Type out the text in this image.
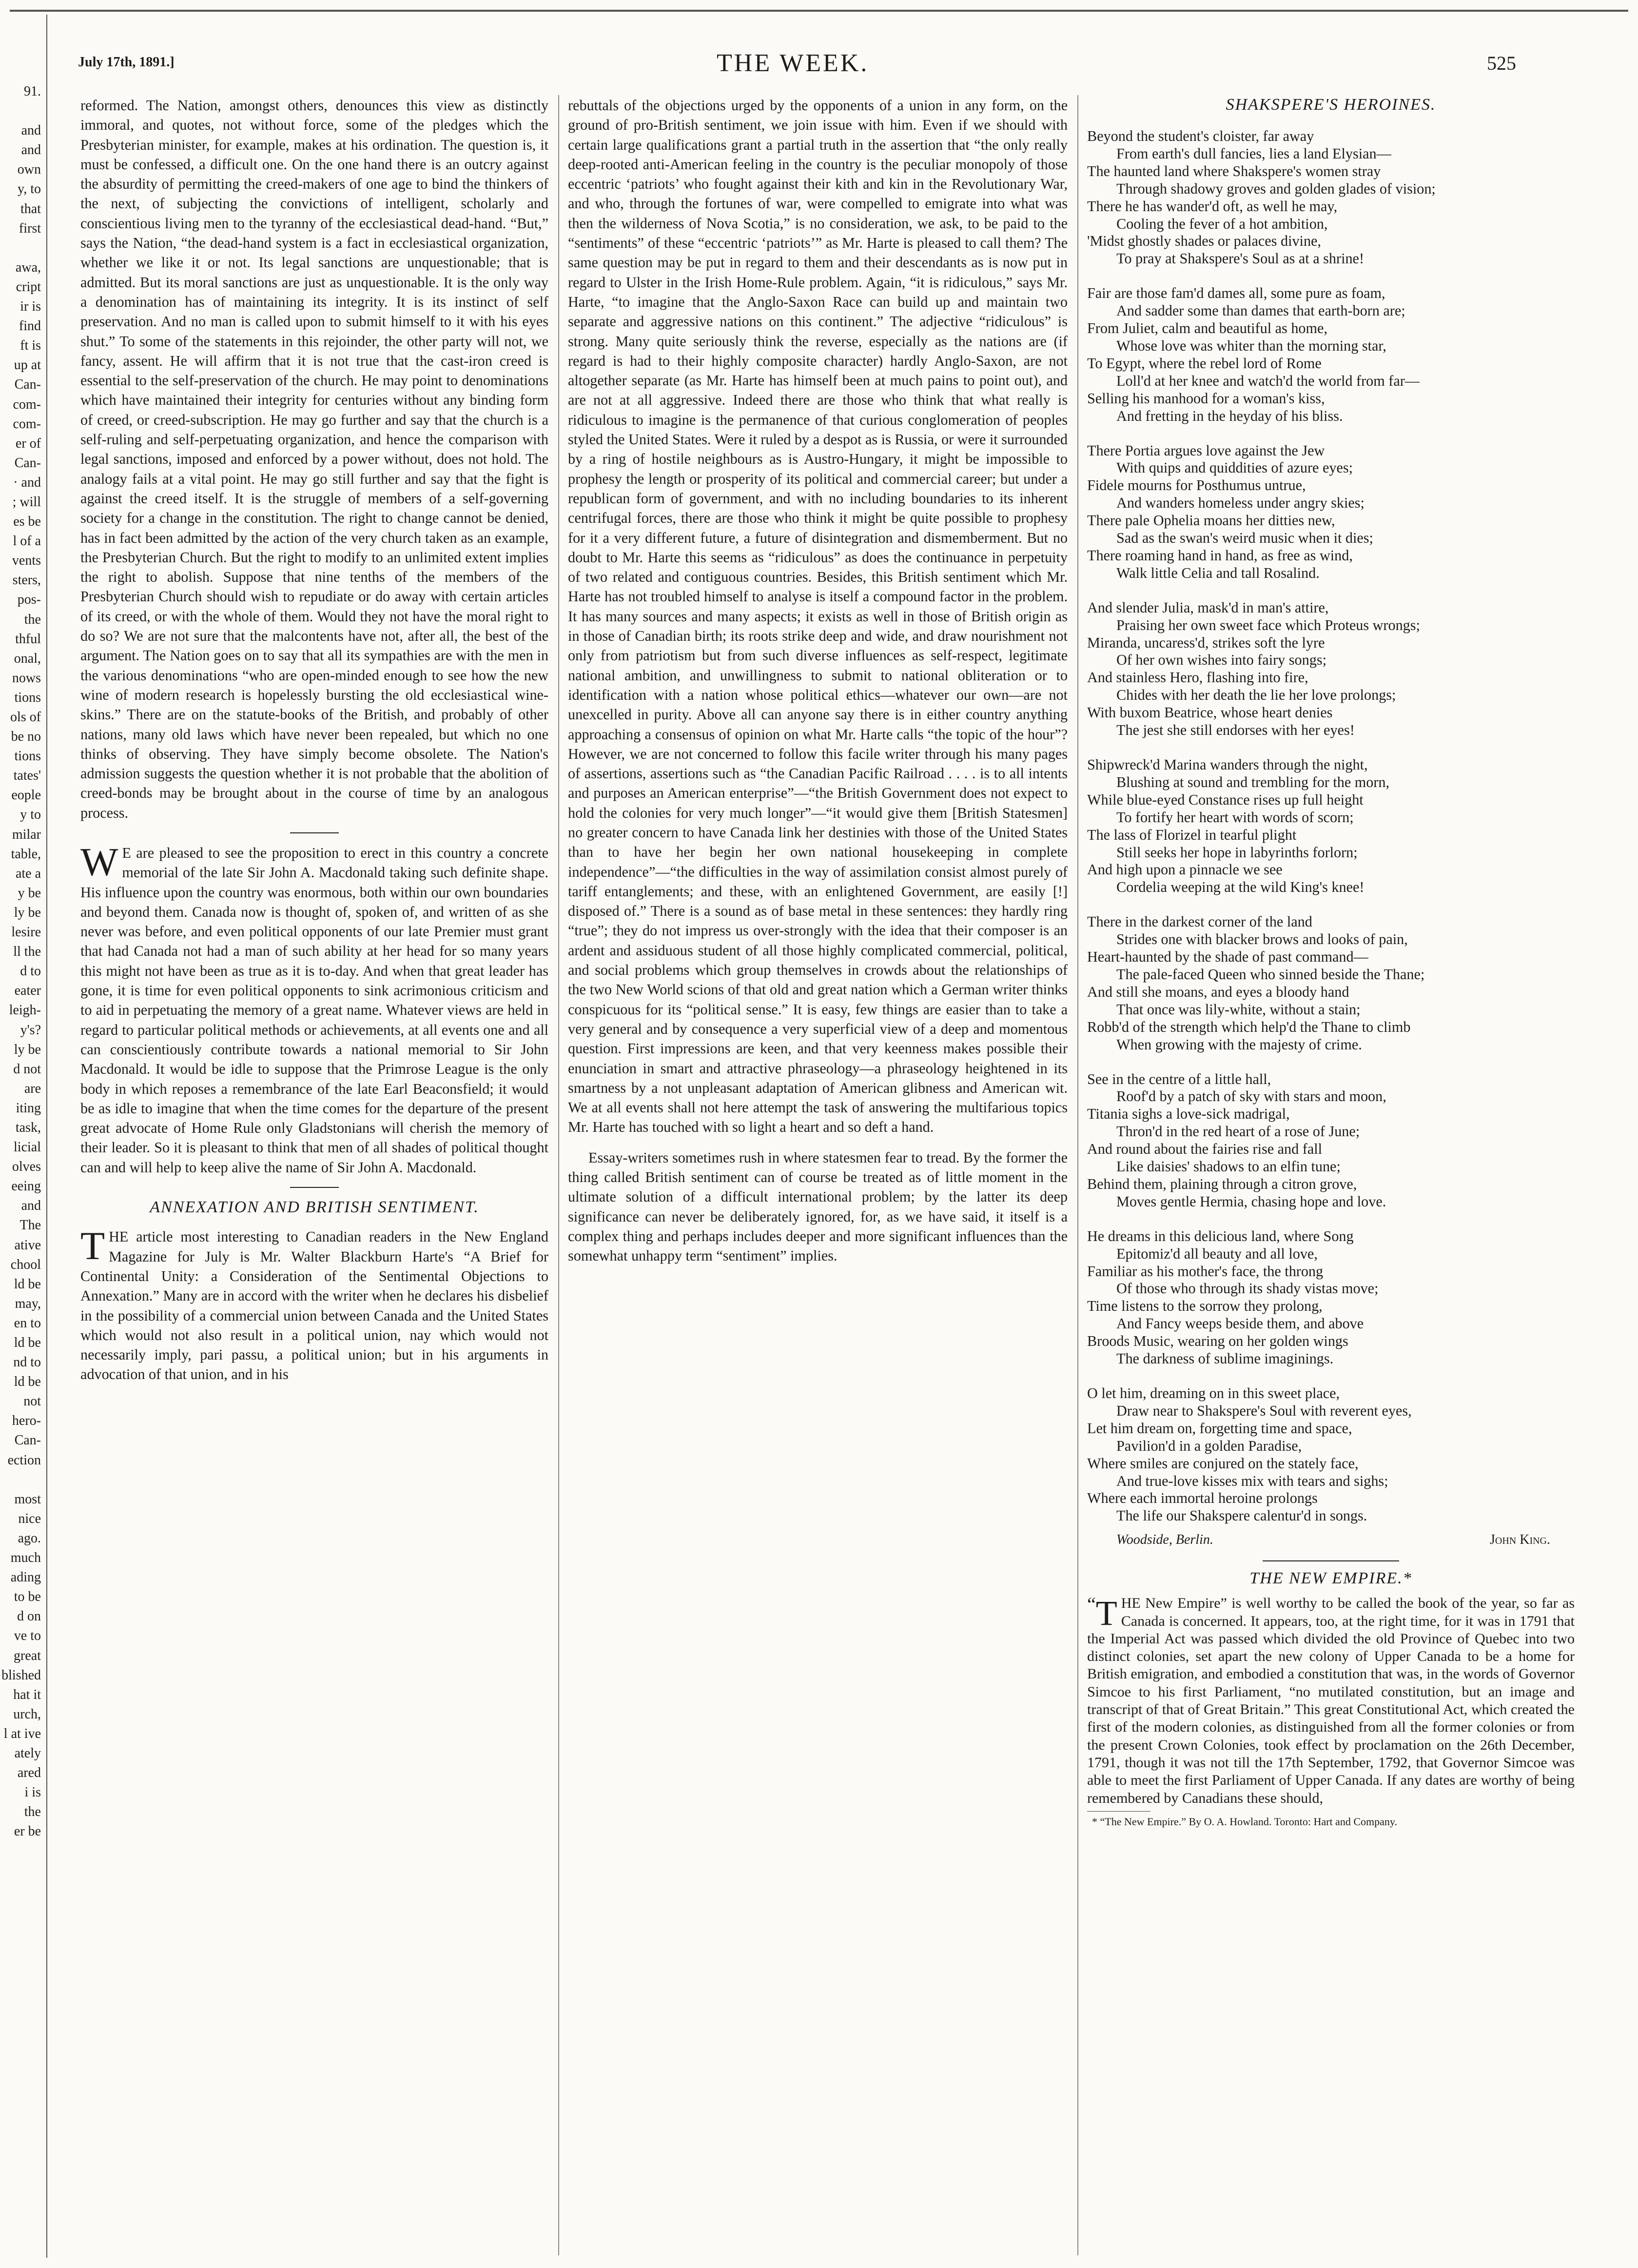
91.
and
and
own
y, to
that
first
awa,
cript
ir is
find
ft is
up at
Can-
com-
com-
er of
Can-
· and
; will
es be
l of a
vents
sters,
pos-
the
thful
onal,
nows
tions
ols of
be no
tions
tates'
eople
y to
milar
table,
ate a
y be
ly be
lesire
ll the
d to
eater
leigh-
y's?
ly be
d not
are
iting
task,
licial
olves
eeing
and
The
ative
chool
ld be
may,
en to
ld be
nd to
ld be
not
hero-
Can-
ection
most
nice
ago.
much
ading
to be
d on
ve to
great
blished
hat it
urch,
l at ive
ately
ared
i is
the
er be
July 17th, 1891.]	THE WEEK.	525

reformed. The Nation, amongst others, denounces this view as distinctly immoral, and quotes, not without force, some of the pledges which the Presbyterian minister, for example, makes at his ordination. The question is, it must be confessed, a difficult one. On the one hand there is an outcry against the absurdity of permitting the creed-makers of one age to bind the thinkers of the next, of subjecting the convictions of intelligent, scholarly and conscientious living men to the tyranny of the ecclesiastical dead-hand. “But,” says the Nation, “the dead-hand system is a fact in ecclesiastical organization, whether we like it or not. Its legal sanctions are unquestionable; that is admitted. But its moral sanctions are just as unquestionable. It is the only way a denomination has of maintaining its integrity. It is its instinct of self preservation. And no man is called upon to submit himself to it with his eyes shut.” To some of the statements in this rejoinder, the other party will not, we fancy, assent. He will affirm that it is not true that the cast-iron creed is essential to the self-preservation of the church. He may point to denominations which have maintained their integrity for centuries without any binding form of creed, or creed-subscription. He may go further and say that the church is a self-ruling and self-perpetuating organization, and hence the comparison with legal sanctions, imposed and enforced by a power without, does not hold. The analogy fails at a vital point. He may go still further and say that the fight is against the creed itself. It is the struggle of members of a self-governing society for a change in the constitution. The right to change cannot be denied, has in fact been admitted by the action of the very church taken as an example, the Presbyterian Church. But the right to modify to an unlimited extent implies the right to abolish. Suppose that nine tenths of the members of the Presbyterian Church should wish to repudiate or do away with certain articles of its creed, or with the whole of them. Would they not have the moral right to do so? We are not sure that the malcontents have not, after all, the best of the argument. The Nation goes on to say that all its sympathies are with the men in the various denominations “who are open-minded enough to see how the new wine of modern research is hopelessly bursting the old ecclesiastical wine-skins.” There are on the statute-books of the British, and probably of other nations, many old laws which have never been repealed, but which no one thinks of observing. They have simply become obsolete. The Nation's admission suggests the question whether it is not probable that the abolition of creed-bonds may be brought about in the course of time by an analogous process.

W E are pleased to see the proposition to erect in this country a concrete memorial of the late Sir John A. Macdonald taking such definite shape. His influence upon the country was enormous, both within our own boundaries and beyond them. Canada now is thought of, spoken of, and written of as she never was before, and even political opponents of our late Premier must grant that had Canada not had a man of such ability at her head for so many years this might not have been as true as it is to-day. And when that great leader has gone, it is time for even political opponents to sink acrimonious criticism and to aid in perpetuating the memory of a great name. Whatever views are held in regard to particular political methods or achievements, at all events one and all can conscientiously contribute towards a national memorial to Sir John Macdonald. It would be idle to suppose that the Primrose League is the only body in which reposes a remembrance of the late Earl Beaconsfield; it would be as idle to imagine that when the time comes for the departure of the present great advocate of Home Rule only Gladstonians will cherish the memory of their leader. So it is pleasant to think that men of all shades of political thought can and will help to keep alive the name of Sir John A. Macdonald.

ANNEXATION AND BRITISH SENTIMENT.

THE article most interesting to Canadian readers in the New England Magazine for July is Mr. Walter Blackburn Harte's “A Brief for Continental Unity: a Consideration of the Sentimental Objections to Annexation.” Many are in accord with the writer when he declares his disbelief in the possibility of a commercial union between Canada and the United States which would not also result in a political union, nay which would not necessarily imply, pari passu, a political union; but in his arguments in advocation of that union, and in his

rebuttals of the objections urged by the opponents of a union in any form, on the ground of pro-British sentiment, we join issue with him. Even if we should with certain large qualifications grant a partial truth in the assertion that “the only really deep-rooted anti-American feeling in the country is the peculiar monopoly of those eccentric ‘patriots’ who fought against their kith and kin in the Revolutionary War, and who, through the fortunes of war, were compelled to emigrate into what was then the wilderness of Nova Scotia,” is no consideration, we ask, to be paid to the “sentiments” of these “eccentric ‘patriots’” as Mr. Harte is pleased to call them? The same question may be put in regard to them and their descendants as is now put in regard to Ulster in the Irish Home-Rule problem. Again, “it is ridiculous,” says Mr. Harte, “to imagine that the Anglo-Saxon Race can build up and maintain two separate and aggressive nations on this continent.” The adjective “ridiculous” is strong. Many quite seriously think the reverse, especially as the nations are (if regard is had to their highly composite character) hardly Anglo-Saxon, are not altogether separate (as Mr. Harte has himself been at much pains to point out), and are not at all aggressive. Indeed there are those who think that what really is ridiculous to imagine is the permanence of that curious conglomeration of peoples styled the United States. Were it ruled by a despot as is Russia, or were it surrounded by a ring of hostile neighbours as is Austro-Hungary, it might be impossible to prophesy the length or prosperity of its political and commercial career; but under a republican form of government, and with no including boundaries to its inherent centrifugal forces, there are those who think it might be quite possible to prophesy for it a very different future, a future of disintegration and dismemberment. But no doubt to Mr. Harte this seems as “ridiculous” as does the continuance in perpetuity of two related and contiguous countries. Besides, this British sentiment which Mr. Harte has not troubled himself to analyse is itself a compound factor in the problem. It has many sources and many aspects; it exists as well in those of British origin as in those of Canadian birth; its roots strike deep and wide, and draw nourishment not only from patriotism but from such diverse influences as self-respect, legitimate national ambition, and unwillingness to submit to national obliteration or to identification with a nation whose political ethics—whatever our own—are not unexcelled in purity. Above all can anyone say there is in either country anything approaching a consensus of opinion on what Mr. Harte calls “the topic of the hour”? However, we are not concerned to follow this facile writer through his many pages of assertions, assertions such as “the Canadian Pacific Railroad . . . . is to all intents and purposes an American enterprise”—“the British Government does not expect to hold the colonies for very much longer”—“it would give them [British Statesmen] no greater concern to have Canada link her destinies with those of the United States than to have her begin her own national housekeeping in complete independence”—“the difficulties in the way of assimilation consist almost purely of tariff entanglements; and these, with an enlightened Government, are easily [!] disposed of.” There is a sound as of base metal in these sentences: they hardly ring “true”; they do not impress us over-strongly with the idea that their composer is an ardent and assiduous student of all those highly complicated commercial, political, and social problems which group themselves in crowds about the relationships of the two New World scions of that old and great nation which a German writer thinks conspicuous for its “political sense.” It is easy, few things are easier than to take a very general and by consequence a very superficial view of a deep and momentous question. First impressions are keen, and that very keenness makes possible their enunciation in smart and attractive phraseology—a phraseology heightened in its smartness by a not unpleasant adaptation of American glibness and American wit. We at all events shall not here attempt the task of answering the multifarious topics Mr. Harte has touched with so light a heart and so deft a hand.

Essay-writers sometimes rush in where statesmen fear to tread. By the former the thing called British sentiment can of course be treated as of little moment in the ultimate solution of a difficult international problem; by the latter its deep significance can never be deliberately ignored, for, as we have said, it itself is a complex thing and perhaps includes deeper and more significant influences than the somewhat unhappy term “sentiment” implies.

SHAKSPERE'S HEROINES.
Beyond the student's cloister, far away
From earth's dull fancies, lies a land Elysian—
The haunted land where Shakspere's women stray
Through shadowy groves and golden glades of vision;
There he has wander'd oft, as well he may,
Cooling the fever of a hot ambition,
'Midst ghostly shades or palaces divine,
To pray at Shakspere's Soul as at a shrine!
Fair are those fam'd dames all, some pure as foam,
And sadder some than dames that earth-born are;
From Juliet, calm and beautiful as home,
Whose love was whiter than the morning star,
To Egypt, where the rebel lord of Rome
Loll'd at her knee and watch'd the world from far—
Selling his manhood for a woman's kiss,
And fretting in the heyday of his bliss.
There Portia argues love against the Jew
With quips and quiddities of azure eyes;
Fidele mourns for Posthumus untrue,
And wanders homeless under angry skies;
There pale Ophelia moans her ditties new,
Sad as the swan's weird music when it dies;
There roaming hand in hand, as free as wind,
Walk little Celia and tall Rosalind.
And slender Julia, mask'd in man's attire,
Praising her own sweet face which Proteus wrongs;
Miranda, uncaress'd, strikes soft the lyre
Of her own wishes into fairy songs;
And stainless Hero, flashing into fire,
Chides with her death the lie her love prolongs;
With buxom Beatrice, whose heart denies
The jest she still endorses with her eyes!
Shipwreck'd Marina wanders through the night,
Blushing at sound and trembling for the morn,
While blue-eyed Constance rises up full height
To fortify her heart with words of scorn;
The lass of Florizel in tearful plight
Still seeks her hope in labyrinths forlorn;
And high upon a pinnacle we see
Cordelia weeping at the wild King's knee!
There in the darkest corner of the land
Strides one with blacker brows and looks of pain,
Heart-haunted by the shade of past command—
The pale-faced Queen who sinned beside the Thane;
And still she moans, and eyes a bloody hand
That once was lily-white, without a stain;
Robb'd of the strength which help'd the Thane to climb
When growing with the majesty of crime.
See in the centre of a little hall,
Roof'd by a patch of sky with stars and moon,
Titania sighs a love-sick madrigal,
Thron'd in the red heart of a rose of June;
And round about the fairies rise and fall
Like daisies' shadows to an elfin tune;
Behind them, plaining through a citron grove,
Moves gentle Hermia, chasing hope and love.
He dreams in this delicious land, where Song
Epitomiz'd all beauty and all love,
Familiar as his mother's face, the throng
Of those who through its shady vistas move;
Time listens to the sorrow they prolong,
And Fancy weeps beside them, and above
Broods Music, wearing on her golden wings
The darkness of sublime imaginings.
O let him, dreaming on in this sweet place,
Draw near to Shakspere's Soul with reverent eyes,
Let him dream on, forgetting time and space,
Pavilion'd in a golden Paradise,
Where smiles are conjured on the stately face,
And true-love kisses mix with tears and sighs;
Where each immortal heroine prolongs
The life our Shakspere calentur'd in songs.
Woodside, Berlin.	John King.
THE NEW EMPIRE.*

“ T HE New Empire” is well worthy to be called the book of the year, so far as Canada is concerned. It appears, too, at the right time, for it was in 1791 that the Imperial Act was passed which divided the old Province of Quebec into two distinct colonies, set apart the new colony of Upper Canada to be a home for British emigration, and embodied a constitution that was, in the words of Governor Simcoe to his first Parliament, “no mutilated constitution, but an image and transcript of that of Great Britain.” This great Constitutional Act, which created the first of the modern colonies, as distinguished from all the former colonies or from the present Crown Colonies, took effect by proclamation on the 26th December, 1791, though it was not till the 17th September, 1792, that Governor Simcoe was able to meet the first Parliament of Upper Canada. If any dates are worthy of being remembered by Canadians these should,

* “The New Empire.” By O. A. Howland. Toronto: Hart and Company.
